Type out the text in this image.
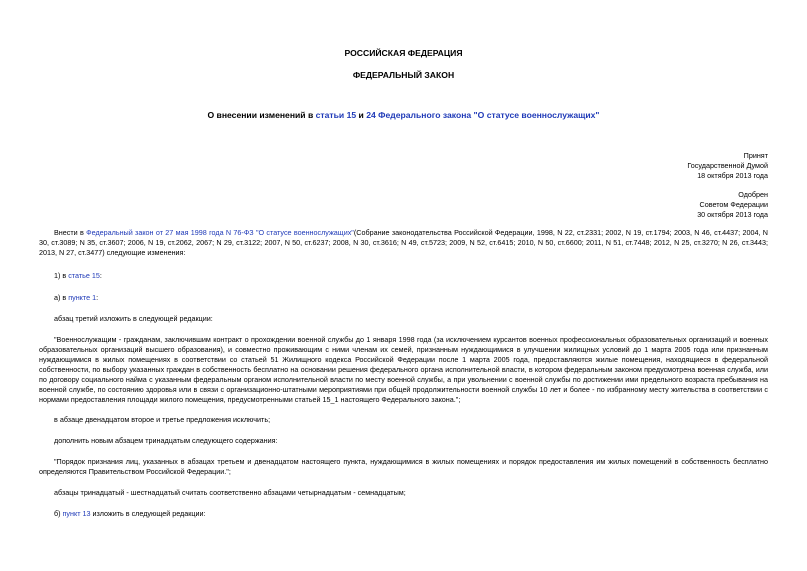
РОССИЙСКАЯ ФЕДЕРАЦИЯ
ФЕДЕРАЛЬНЫЙ ЗАКОН
О внесении изменений в статьи 15 и 24 Федерального закона "О статусе военнослужащих"
Принят
Государственной Думой
18 октября 2013 года
Одобрен
Советом Федерации
30 октября 2013 года
Внести в Федеральный закон от 27 мая 1998 года N 76-ФЗ "О статусе военнослужащих"(Собрание законодательства Российской Федерации, 1998, N 22, ст.2331; 2002, N 19, ст.1794; 2003, N 46, ст.4437; 2004, N 30, ст.3089; N 35, ст.3607; 2006, N 19, ст.2062, 2067; N 29, ст.3122; 2007, N 50, ст.6237; 2008, N 30, ст.3616; N 49, ст.5723; 2009, N 52, ст.6415; 2010, N 50, ст.6600; 2011, N 51, ст.7448; 2012, N 25, ст.3270; N 26, ст.3443; 2013, N 27, ст.3477) следующие изменения:
1) в статье 15:
а) в пункте 1:
абзац третий изложить в следующей редакции:
"Военнослужащим - гражданам, заключившим контракт о прохождении военной службы до 1 января 1998 года (за исключением курсантов военных профессиональных образовательных организаций и военных образовательных организаций высшего образования), и совместно проживающим с ними членам их семей, признанным нуждающимися в улучшении жилищных условий до 1 марта 2005 года или признанным нуждающимися в жилых помещениях в соответствии со статьей 51 Жилищного кодекса Российской Федерации после 1 марта 2005 года, предоставляются жилые помещения, находящиеся в федеральной собственности, по выбору указанных граждан в собственность бесплатно на основании решения федерального органа исполнительной власти, в котором федеральным законом предусмотрена военная служба, или по договору социального найма с указанным федеральным органом исполнительной власти по месту военной службы, а при увольнении с военной службы по достижении ими предельного возраста пребывания на военной службе, по состоянию здоровья или в связи с организационно-штатными мероприятиями при общей продолжительности военной службы 10 лет и более - по избранному месту жительства в соответствии с нормами предоставления площади жилого помещения, предусмотренными статьей 15_1 настоящего Федерального закона.";
в абзаце двенадцатом второе и третье предложения исключить;
дополнить новым абзацем тринадцатым следующего содержания:
"Порядок признания лиц, указанных в абзацах третьем и двенадцатом настоящего пункта, нуждающимися в жилых помещениях и порядок предоставления им жилых помещений в собственность бесплатно определяются Правительством Российской Федерации.";
абзацы тринадцатый - шестнадцатый считать соответственно абзацами четырнадцатым - семнадцатым;
б) пункт 13 изложить в следующей редакции:
